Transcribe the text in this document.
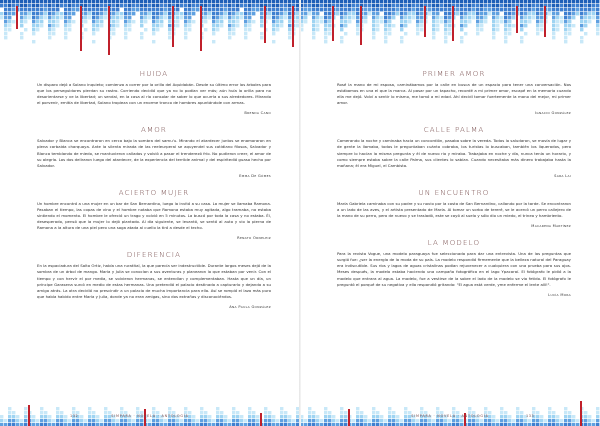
HUIDA
Un disparo dejó a Solano inquieto; comienza a correr por la orilla del Aquidabán. Desde su último error los árboles para que los perseguidores pierdan su rastro. Corriendo decidió que ya no lo podían ver más; aún huía la orilla para no desorientarse y ve la libertad; un sendal, en la casa al río consolar de saber lo que ocurría a sus alrededores. Mirando el porvenir, emitía de libertad, Solano tropieza con un enorme tronco de hombres apuntándole con armas.
Brenda Cano
AMOR
Salvador y Blanca se encontraron en cerca bajo la sombra del samu'u. Mirando el atardecer juntos se enamoraron en plena carbaida charquaya. Ante la silenta mirada de las reeleurperal se aquyendel sus cotidiano filosos, Salvador y Blanca temblando de miedo, se mantuvieron callados y volvió a pasar el trenderezó frío. No pudieron creer, el amor de su alegría. Los dos deliraron luego del atardecer, de la experiencia del terrible animal y del espiritedió guaso hecho por Salvador.
Emma De Gómes
ACIERTO MUJER
Un hombre encontró a una mujer en un bar de San Bernardino, luego la invitó a su casa. La mujer se llamaba Ramona. Pasaban el tiempo, las copas de vino y el hombre notaba que Ramona estaba muy agitada, algo tramaba, no estaba sintiendo el momento. El hombre le ofreció un trago y volvió en 5 minutos. La buscó por toda la casa y no estaba. Él, desesperado, pensó que la mujer lo dejó plantado. Al día siguiente, se levantó, se sentó al auto y vio la pierna de Ramona a la altura de una piel pero una soga atada al cuello la tiró a desde el techo.
Renato Orneleiz
DIFERENCIA
En la espaciadura del Salto Ortiz, había una ruratital, la que parecía ser indestructible. Durante largos meses dejó de la sombra de un árbol de mango. María y Julia se conocían a sus aventuras y planearon lo que estaban por venir. Con el tiempo y con hervir el por media, se volvieron hermanas, se entendían y complementaban. Hasta que un día, un príncipe Garasena surcó en medio de estas hermanas. Una pretendió el palacio destinado a capturarlo y dejando a su amiga atrás. La otra decidió no prescindir a un palacio de mucha importancia para ella. Así se rompió el lazo más puro que había habido entre María y Julia, donde ya no eran amigas, sino dos extrañas y disconociéndos.
Ana Paula González
132	SIMPARA · NOVELA · ANTOLOGÍA
PRIMER AMOR
Rosé la mano de mi esposa, caminábamos por la calle en busca de un espacio para tener una conversación. Nos estábamos en una el que la marca. Al pasar por un tapacho, recordé a mi primer amor, escapé en la memoria cuando ella me dejó. Volví a sentir lo mismo, me tomó a mi edad. Ahí decidí tomar fuertemente la mano del mejor, mi primer amor.
Ignacio González
CALLE PALMA
Camerando la noche y caminaba hacia un concordión, pasaba sobre la vereda. Todos lo saludaron, se movía de lugar y de gente la llamaba, todos le preguntaban cuánto cobraba, los turistas lo buscaban, también los liquerados, pero siempre lo hacían la misma pregunta y él de nuevo rio y miraba. Trabajaba en noche y día, nunca tenía un horario, y como siempre estaba sobre la calle Palma, sus clientes lo sabían. Cuando necesitaba más dinero trabajaba hasta la mañana; él era Miguel, el Cambista.
Sara Lai
UN ENCUENTRO
María Gabriela caminaba con su padre y su novio por la costa de San Bernardino, callando por la tarde. Se encontraron a un lado de las aves, y el artista presentado de María. Al tomar un sorbo de tereré, se le acercó un perro callejero de la mano de su perro, pero de nuevo y se trasladó, este se cayó al suelo y sólo dio un miedo, el trineo y hambriento.
Macarena Martínez
LA MODELO
Para la revista Vogue, una modelo paraguaya fue seleccionada para dar una entrevista. Una de las preguntas que surgió fue: ¿ser la energía de la moda de su país. La modelo respondió firmemente que la belleza natural del Paraguay era indiscutible. Sus ríos y lagos de aguas cristalinas podían rejuvenecer a cualquiera con una prueba para sus ojos. Meses después, la modelo estaba haciendo una campaña fotográfica en el lago Ypacaraí. El fotógrafo le pidió a la modelo que entrara al agua. La modelo, fue a vestirse de la sobre el lado de la modelo se vio fetido. El fotógrafo le preguntó el porqué de su negativa y ella respondió gritando: "El agua está verde, yme enferme el lente allí!".
Lucía Mora
SIMPARA · NOVELA · ANTOLOGÍA	133
